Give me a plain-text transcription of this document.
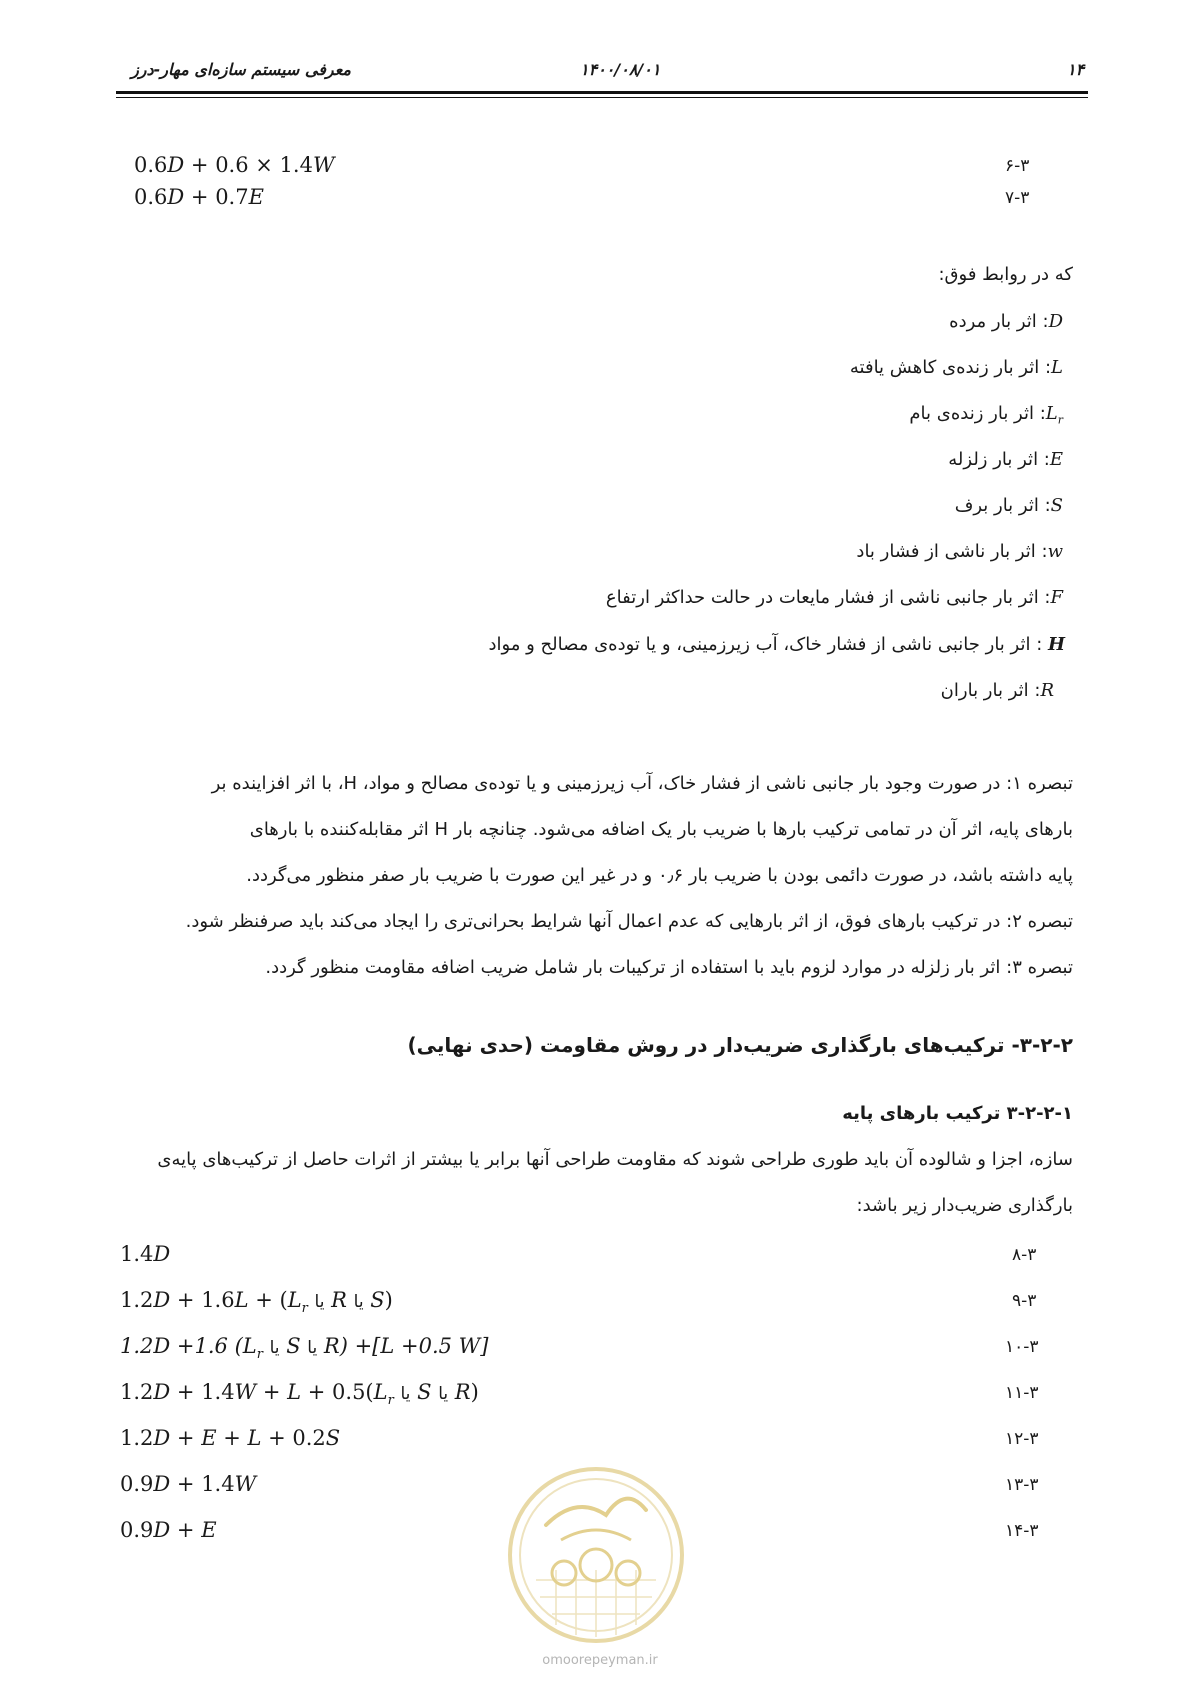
۱۴
۱۴۰۰/۰۸/۰۱
معرفی سیستم سازه‌ای مهار-درز
0.6D + 0.6 × 1.4W	۶-۳
0.6D + 0.7E	۷-۳
که در روابط فوق:
D: اثر بار مرده
L: اثر بار زنده‌ی کاهش یافته
$L_r$: اثر بار زنده‌ی بام
E: اثر بار زلزله
S: اثر بار برف
w: اثر بار ناشی از فشار باد
F: اثر بار جانبی ناشی از فشار مایعات در حالت حداکثر ارتفاع
H : اثر بار جانبی ناشی از فشار خاک، آب زیرزمینی، و یا توده‌ی مصالح و مواد
R: اثر بار باران
تبصره ۱: در صورت وجود بار جانبی ناشی از فشار خاک، آب زیرزمینی و یا توده‌ی مصالح و مواد، H، با اثر افزاینده بر
بارهای پایه، اثر آن در تمامی ترکیب بارها با ضریب بار یک اضافه می‌شود. چنانچه بار H اثر مقابله‌کننده با بارهای
پایه داشته باشد، در صورت دائمی بودن با ضریب بار ۰٫۶ و در غیر این صورت با ضریب بار صفر منظور می‌گردد.
تبصره ۲: در ترکیب بارهای فوق، از اثر بارهایی که عدم اعمال آنها شرایط بحرانی‌تری را ایجاد می‌کند باید صرفنظر شود.
تبصره ۳: اثر بار زلزله در موارد لزوم باید با استفاده از ترکیبات بار شامل ضریب اضافه مقاومت منظور گردد.
۳-۲-۲- ترکیب‌های بارگذاری ضریب‌دار در روش مقاومت (حدی نهایی)
۳-۲-۲-۱ ترکیب بارهای پایه
سازه، اجزا و شالوده آن باید طوری طراحی شوند که مقاومت طراحی آنها برابر یا بیشتر از اثرات حاصل از ترکیب‌های پایه‌ی
بارگذاری ضریب‌دار زیر باشد:
1.4D	۸-۳
$1.2D + 1.6L + (L_r$ یا R یا S)	۹-۳
1.2D +1.6 ($L_r$ یا S یا R) +[L +0.5 W]	۱۰-۳
$1.2D + 1.4W + L + 0.5(L_r$ یا S یا R)	۱۱-۳
1.2D + E + L + 0.2S	۱۲-۳
0.9D + 1.4W	۱۳-۳
0.9D + E	۱۴-۳
omoorepeyman.ir
